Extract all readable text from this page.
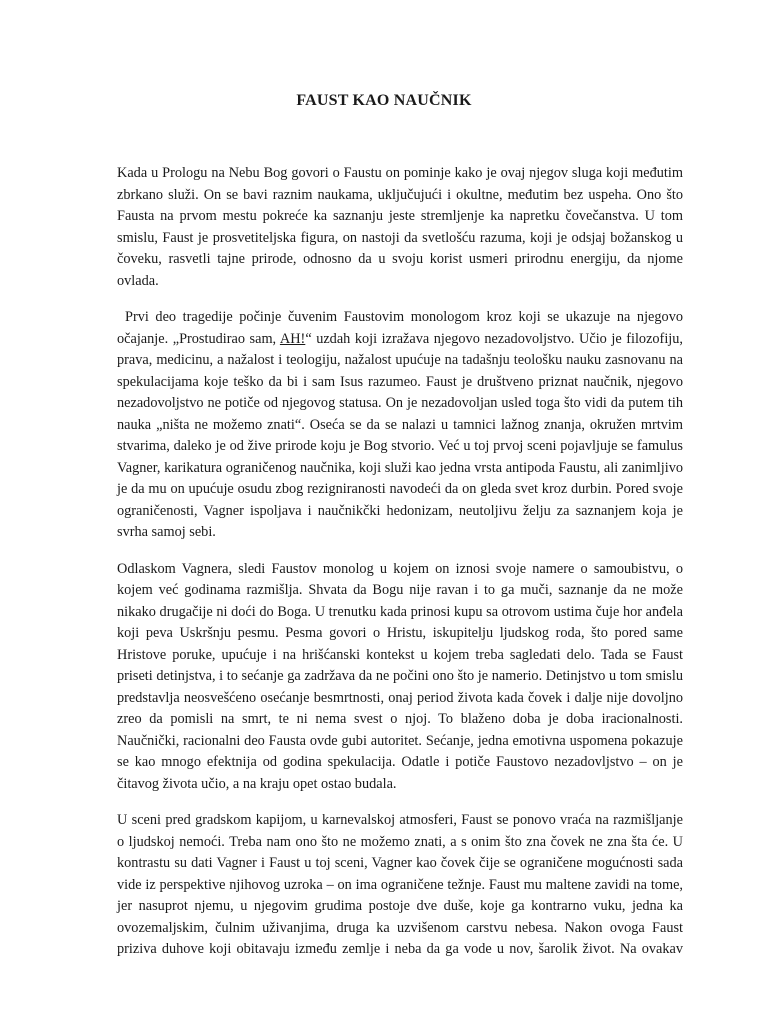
FAUST KAO NAUČNIK

Kada u Prologu na Nebu Bog govori o Faustu on pominje kako je ovaj njegov sluga koji međutim zbrkano služi. On se bavi raznim naukama, uključujući i okultne, međutim bez uspeha. Ono što Fausta na prvom mestu pokreće ka saznanju jeste stremljenje ka napretku čovečanstva. U tom smislu, Faust je prosvetiteljska figura, on nastoji da svetlošću razuma, koji je odsjaj božanskog u čoveku, rasvetli tajne prirode, odnosno da u svoju korist usmeri prirodnu energiju, da njome ovlada.

Prvi deo tragedije počinje čuvenim Faustovim monologom kroz koji se ukazuje na njegovo očajanje. „Prostudirao sam, AH!“ uzdah koji izražava njegovo nezadovoljstvo. Učio je filozofiju, prava, medicinu, a nažalost i teologiju, nažalost upućuje na tadašnju teološku nauku zasnovanu na spekulacijama koje teško da bi i sam Isus razumeo. Faust je društveno priznat naučnik, njegovo nezadovoljstvo ne potiče od njegovog statusa. On je nezadovoljan usled toga što vidi da putem tih nauka „ništa ne možemo znati“. Oseća se da se nalazi u tamnici lažnog znanja, okružen mrtvim stvarima, daleko je od žive prirode koju je Bog stvorio. Već u toj prvoj sceni pojavljuje se famulus Vagner, karikatura ograničenog naučnika, koji služi kao jedna vrsta antipoda Faustu, ali zanimljivo je da mu on upućuje osudu zbog rezigniranosti navodeći da on gleda svet kroz durbin. Pored svoje ograničenosti, Vagner ispoljava i naučnikčki hedonizam, neutoljivu želju za saznanjem koja je svrha samoj sebi.

Odlaskom Vagnera, sledi Faustov monolog u kojem on iznosi svoje namere o samoubistvu, o kojem već godinama razmišlja. Shvata da Bogu nije ravan i to ga muči, saznanje da ne može nikako drugačije ni doći do Boga. U trenutku kada prinosi kupu sa otrovom ustima čuje hor anđela koji peva Uskršnju pesmu. Pesma govori o Hristu, iskupitelju ljudskog roda, što pored same Hristove poruke, upućuje i na hrišćanski kontekst u kojem treba sagledati delo. Tada se Faust priseti detinjstva, i to sećanje ga zadržava da ne počini ono što je namerio. Detinjstvo u tom smislu predstavlja neosvešćeno osećanje besmrtnosti, onaj period života kada čovek i dalje nije dovoljno zreo da pomisli na smrt, te ni nema svest o njoj. To blaženo doba je doba iracionalnosti. Naučnički, racionalni deo Fausta ovde gubi autoritet. Sećanje, jedna emotivna uspomena pokazuje se kao mnogo efektnija od godina spekulacija. Odatle i potiče Faustovo nezadovljstvo – on je čitavog života učio, a na kraju opet ostao budala.

U sceni pred gradskom kapijom, u karnevalskoj atmosferi, Faust se ponovo vraća na razmišljanje o ljudskoj nemoći. Treba nam ono što ne možemo znati, a s onim što zna čovek ne zna šta će. U kontrastu su dati Vagner i Faust u toj sceni, Vagner kao čovek čije se ograničene mogućnosti sada vide iz perspektive njihovog uzroka – on ima ograničene težnje. Faust mu maltene zavidi na tome, jer nasuprot njemu, u njegovim grudima postoje dve duše, koje ga kontrarno vuku, jedna ka ovozemaljskim, čulnim uživanjima, druga ka uzvišenom carstvu nebesa. Nakon ovoga Faust priziva duhove koji obitavaju između zemlje i neba da ga vode u nov, šarolik život. Na ovakav
